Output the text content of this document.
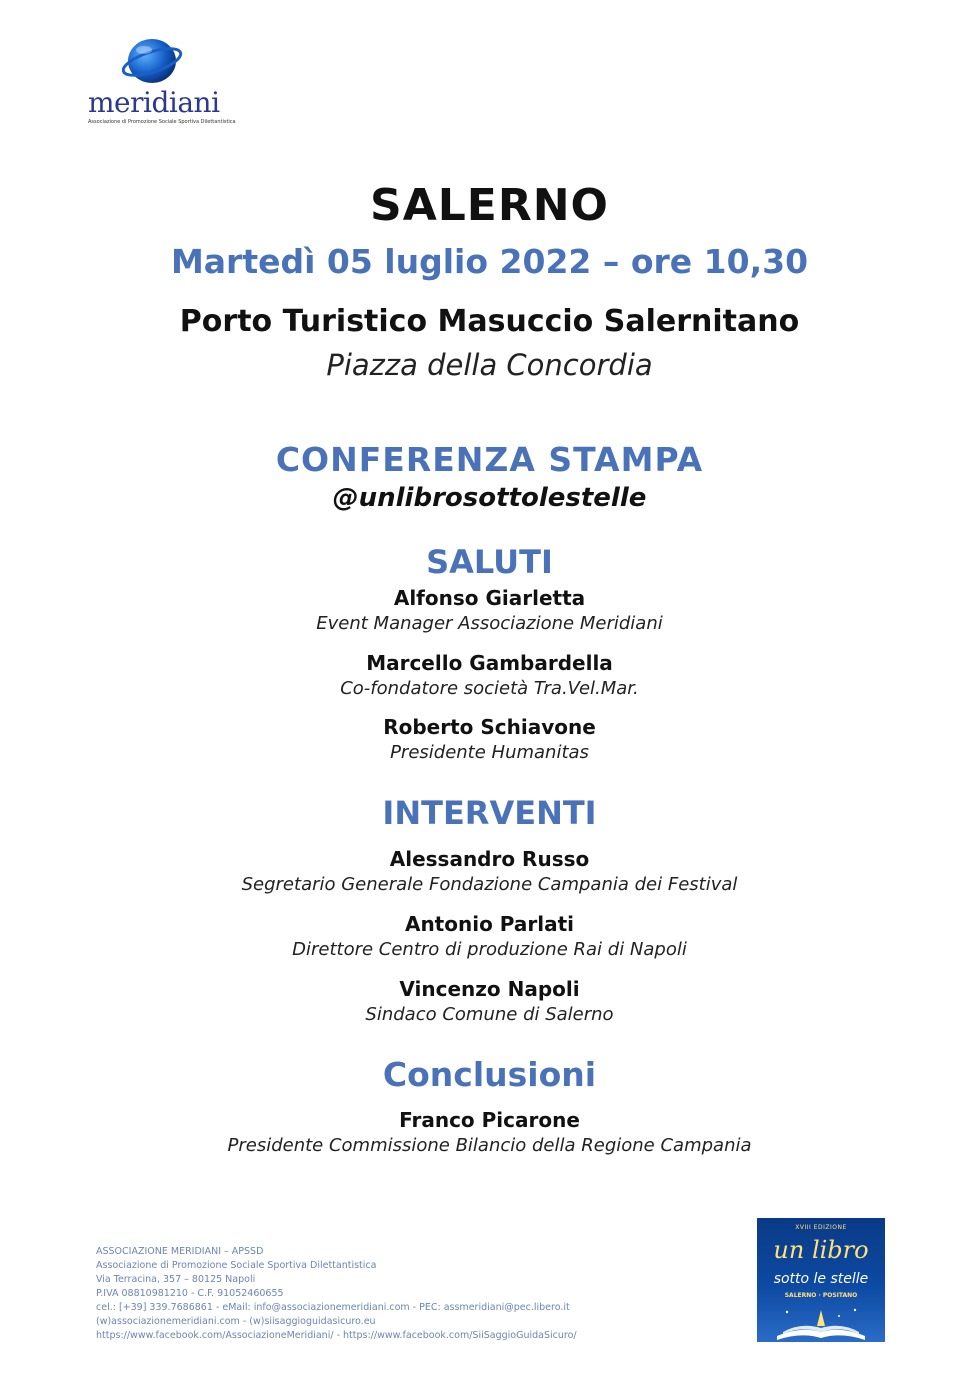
meridiani
Associazione di Promozione Sociale Sportiva Dilettantistica
SALERNO
Martedì 05 luglio 2022 – ore 10,30
Porto Turistico Masuccio Salernitano
Piazza della Concordia
CONFERENZA STAMPA
@unlibrosottolestelle
SALUTI
Alfonso Giarletta
Event Manager Associazione Meridiani
Marcello Gambardella
Co-fondatore società Tra.Vel.Mar.
Roberto Schiavone
Presidente Humanitas
INTERVENTI
Alessandro Russo
Segretario Generale Fondazione Campania dei Festival
Antonio Parlati
Direttore Centro di produzione Rai di Napoli
Vincenzo Napoli
Sindaco Comune di Salerno
Conclusioni
Franco Picarone
Presidente Commissione Bilancio della Regione Campania
ASSOCIAZIONE MERIDIANI – APSSD
Associazione di Promozione Sociale Sportiva Dilettantistica
Via Terracina, 357 – 80125 Napoli
P.IVA 08810981210 - C.F. 91052460655
cel.: [+39] 339.7686861 - eMail: info@associazionemeridiani.com - PEC: assmeridiani@pec.libero.it
(w)associazionemeridiani.com - (w)siisaggioguidasicuro.eu
https://www.facebook.com/AssociazioneMeridiani/ - https://www.facebook.com/SiiSaggioGuidaSicuro/
XVIII EDIZIONE
un libro
sotto le stelle
SALERNO · POSITANO
